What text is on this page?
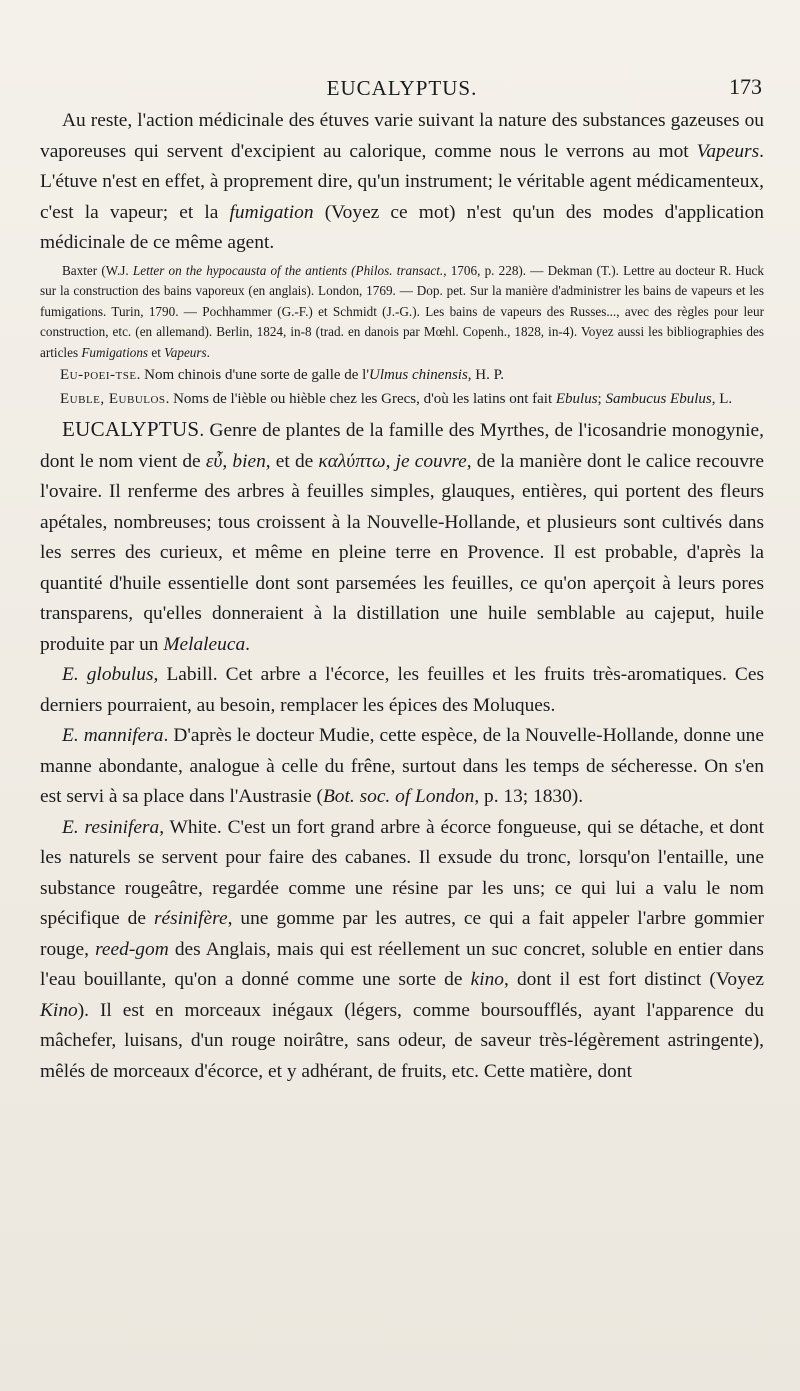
EUCALYPTUS.	173

Au reste, l'action médicinale des étuves varie suivant la nature des substances gazeuses ou vaporeuses qui servent d'excipient au calorique, comme nous le verrons au mot Vapeurs. L'étuve n'est en effet, à proprement dire, qu'un instrument; le véritable agent médicamenteux, c'est la vapeur; et la fumigation (Voyez ce mot) n'est qu'un des modes d'application médicinale de ce même agent.

Baxter (W.J. Letter on the hypocausta of the antients (Philos. transact., 1706, p. 228). — Dekman (T.). Lettre au docteur R. Huck sur la construction des bains vaporeux (en anglais). London, 1769. — Dop. pet. Sur la manière d'administrer les bains de vapeurs et les fumigations. Turin, 1790. — Pochhammer (G.-F.) et Schmidt (J.-G.). Les bains de vapeurs des Russes..., avec des règles pour leur construction, etc. (en allemand). Berlin, 1824, in-8 (trad. en danois par Mœhl. Copenh., 1828, in-4). Voyez aussi les bibliographies des articles Fumigations et Vapeurs.

Eu-poei-tse. Nom chinois d'une sorte de galle de l'Ulmus chinensis, H. P.

Euble, Eubulos. Noms de l'ièble ou hièble chez les Grecs, d'où les latins ont fait Ebulus; Sambucus Ebulus, L.

EUCALYPTUS. Genre de plantes de la famille des Myrthes, de l'icosandrie monogynie, dont le nom vient de εὖ, bien, et de καλύπτω, je couvre, de la manière dont le calice recouvre l'ovaire. Il renferme des arbres à feuilles simples, glauques, entières, qui portent des fleurs apétales, nombreuses; tous croissent à la Nouvelle-Hollande, et plusieurs sont cultivés dans les serres des curieux, et même en pleine terre en Provence. Il est probable, d'après la quantité d'huile essentielle dont sont parsemées les feuilles, ce qu'on aperçoit à leurs pores transparens, qu'elles donneraient à la distillation une huile semblable au cajeput, huile produite par un Melaleuca.

E. globulus, Labill. Cet arbre a l'écorce, les feuilles et les fruits très-aromatiques. Ces derniers pourraient, au besoin, remplacer les épices des Moluques.

E. mannifera. D'après le docteur Mudie, cette espèce, de la Nouvelle-Hollande, donne une manne abondante, analogue à celle du frêne, surtout dans les temps de sécheresse. On s'en est servi à sa place dans l'Austrasie (Bot. soc. of London, p. 13; 1830).

E. resinifera, White. C'est un fort grand arbre à écorce fongueuse, qui se détache, et dont les naturels se servent pour faire des cabanes. Il exsude du tronc, lorsqu'on l'entaille, une substance rougeâtre, regardée comme une résine par les uns; ce qui lui a valu le nom spécifique de résinifère, une gomme par les autres, ce qui a fait appeler l'arbre gommier rouge, reed-gom des Anglais, mais qui est réellement un suc concret, soluble en entier dans l'eau bouillante, qu'on a donné comme une sorte de kino, dont il est fort distinct (Voyez Kino). Il est en morceaux inégaux (légers, comme boursoufflés, ayant l'apparence du mâchefer, luisans, d'un rouge noirâtre, sans odeur, de saveur très-légèrement astringente), mêlés de morceaux d'écorce, et y adhérant, de fruits, etc. Cette matière, dont
